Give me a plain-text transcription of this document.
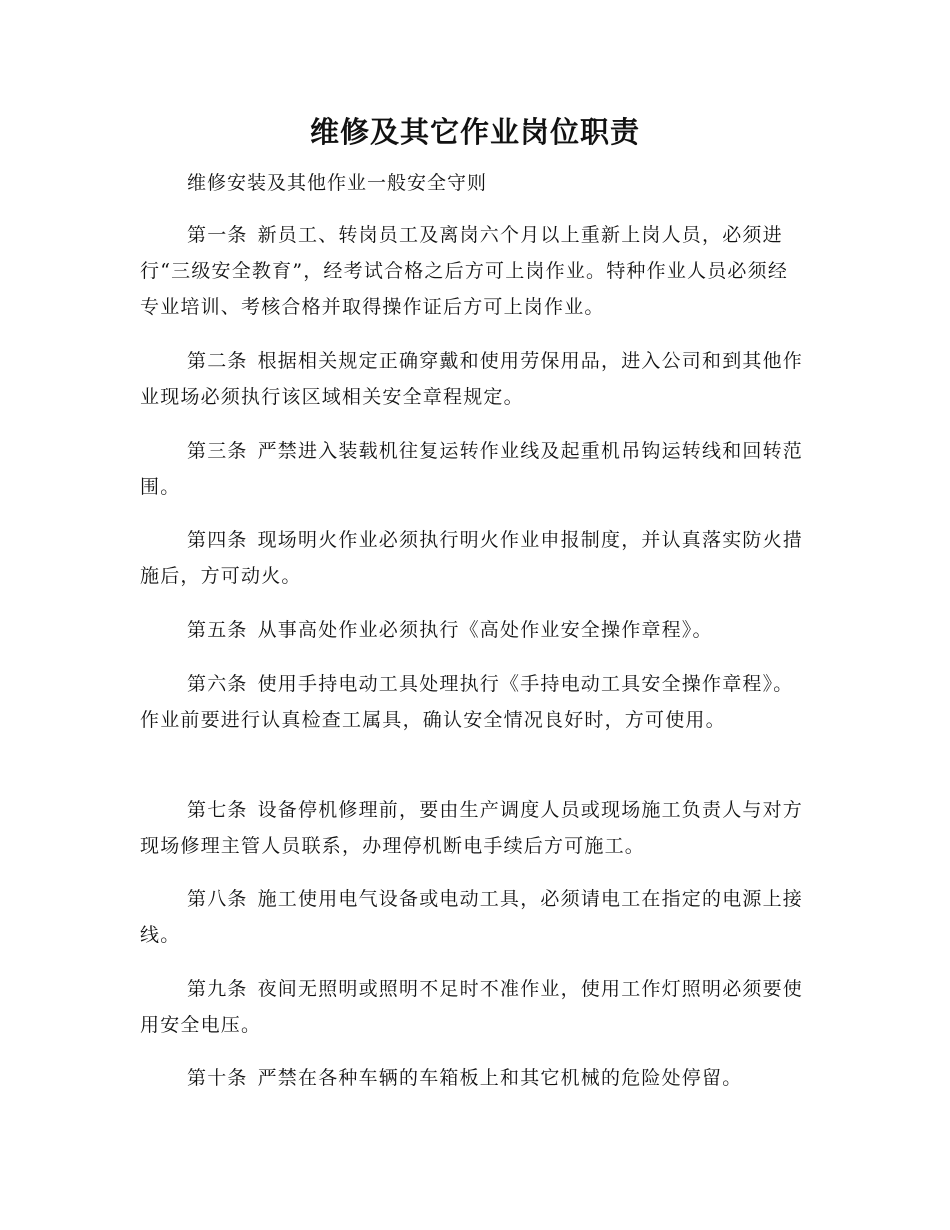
维修及其它作业岗位职责
维修安装及其他作业一般安全守则

第一条 新员工、转岗员工及离岗六个月以上重新上岗人员，必须进行“三级安全教育”，经考试合格之后方可上岗作业。特种作业人员必须经专业培训、考核合格并取得操作证后方可上岗作业。

第二条 根据相关规定正确穿戴和使用劳保用品，进入公司和到其他作业现场必须执行该区域相关安全章程规定。

第三条 严禁进入装载机往复运转作业线及起重机吊钩运转线和回转范围。

第四条 现场明火作业必须执行明火作业申报制度，并认真落实防火措施后，方可动火。

第五条 从事高处作业必须执行《高处作业安全操作章程》。

第六条 使用手持电动工具处理执行《手持电动工具安全操作章程》。作业前要进行认真检查工属具，确认安全情况良好时，方可使用。

第七条 设备停机修理前，要由生产调度人员或现场施工负责人与对方现场修理主管人员联系，办理停机断电手续后方可施工。

第八条 施工使用电气设备或电动工具，必须请电工在指定的电源上接线。

第九条 夜间无照明或照明不足时不准作业，使用工作灯照明必须要使用安全电压。

第十条 严禁在各种车辆的车箱板上和其它机械的危险处停留。
